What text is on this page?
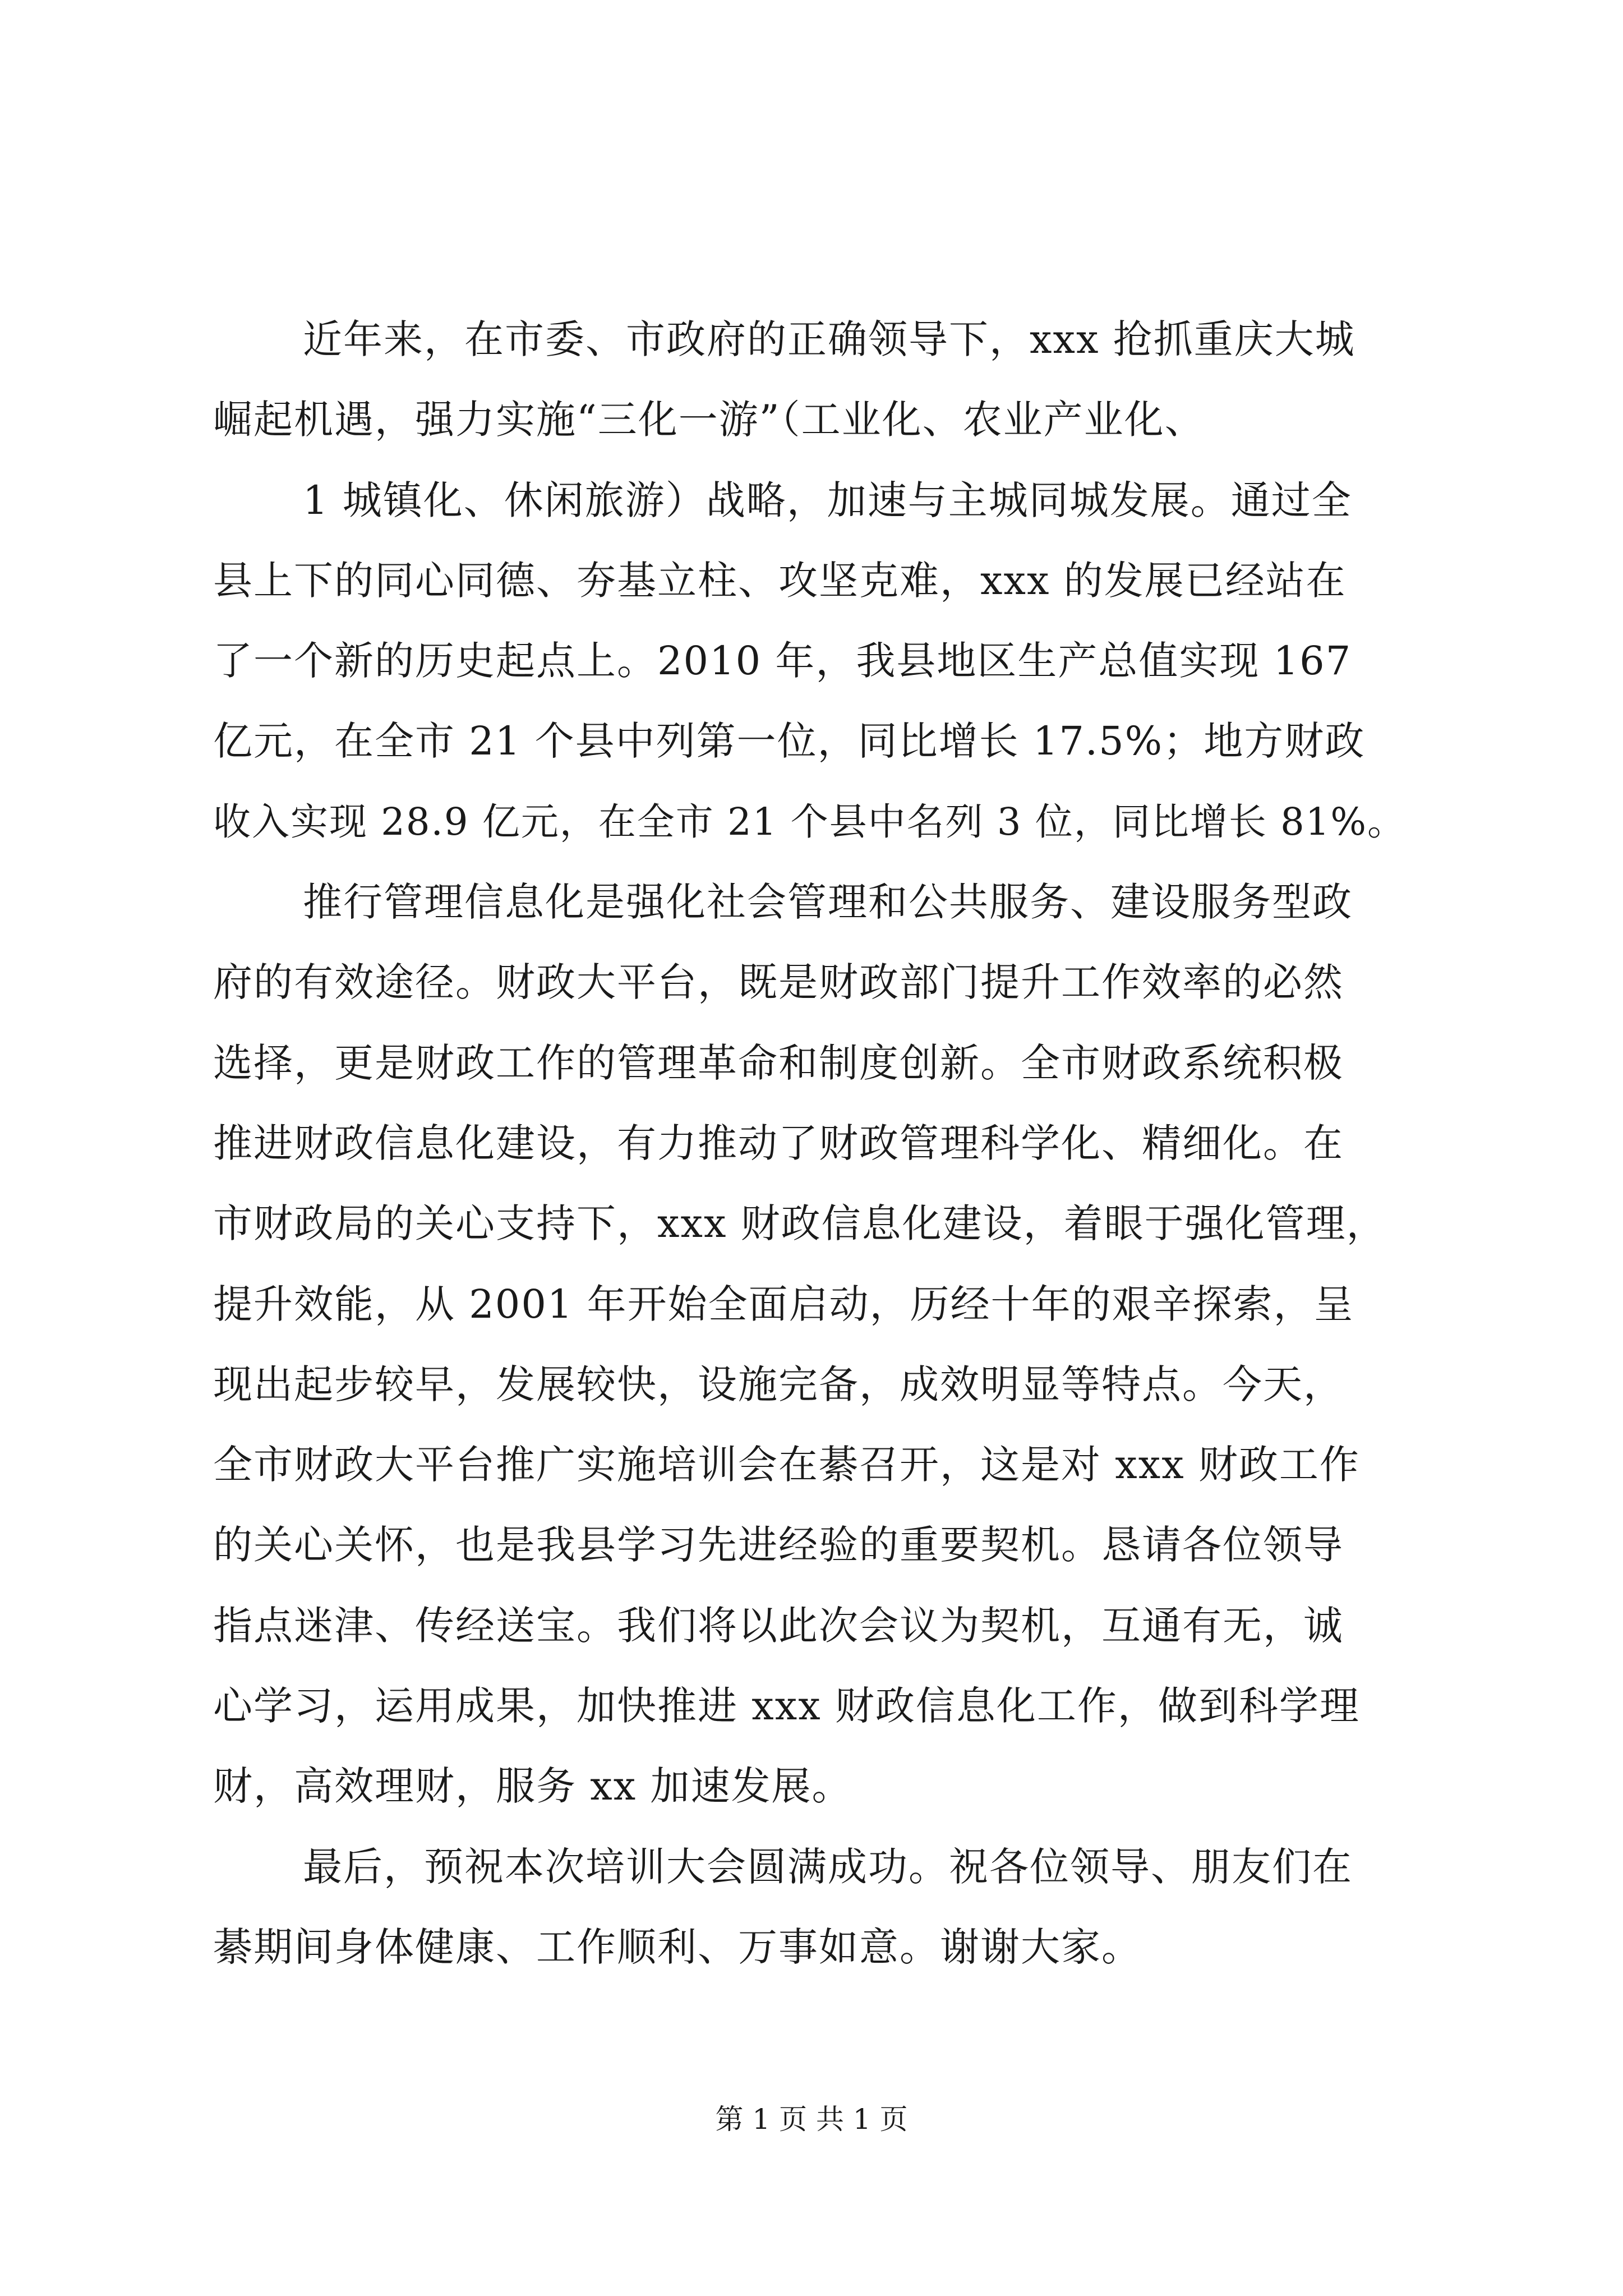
近年来，在市委、市政府的正确领导下，xxx 抢抓重庆大城
崛起机遇，强力实施“三化一游”（工业化、农业产业化、
1 城镇化、休闲旅游）战略，加速与主城同城发展。通过全
县上下的同心同德、夯基立柱、攻坚克难，xxx 的发展已经站在
了一个新的历史起点上。2010 年，我县地区生产总值实现 167
亿元，在全市 21 个县中列第一位，同比增长 17.5%；地方财政
收入实现 28.9 亿元，在全市 21 个县中名列 3 位，同比增长 81%。
推行管理信息化是强化社会管理和公共服务、建设服务型政
府的有效途径。财政大平台，既是财政部门提升工作效率的必然
选择，更是财政工作的管理革命和制度创新。全市财政系统积极
推进财政信息化建设，有力推动了财政管理科学化、精细化。在
市财政局的关心支持下，xxx 财政信息化建设，着眼于强化管理，
提升效能，从 2001 年开始全面启动，历经十年的艰辛探索，呈
现出起步较早，发展较快，设施完备，成效明显等特点。今天，
全市财政大平台推广实施培训会在綦召开，这是对 xxx 财政工作
的关心关怀，也是我县学习先进经验的重要契机。恳请各位领导
指点迷津、传经送宝。我们将以此次会议为契机，互通有无，诚
心学习，运用成果，加快推进 xxx 财政信息化工作，做到科学理
财，高效理财，服务 xx 加速发展。
最后，预祝本次培训大会圆满成功。祝各位领导、朋友们在
綦期间身体健康、工作顺利、万事如意。谢谢大家。
第 1 页 共 1 页
